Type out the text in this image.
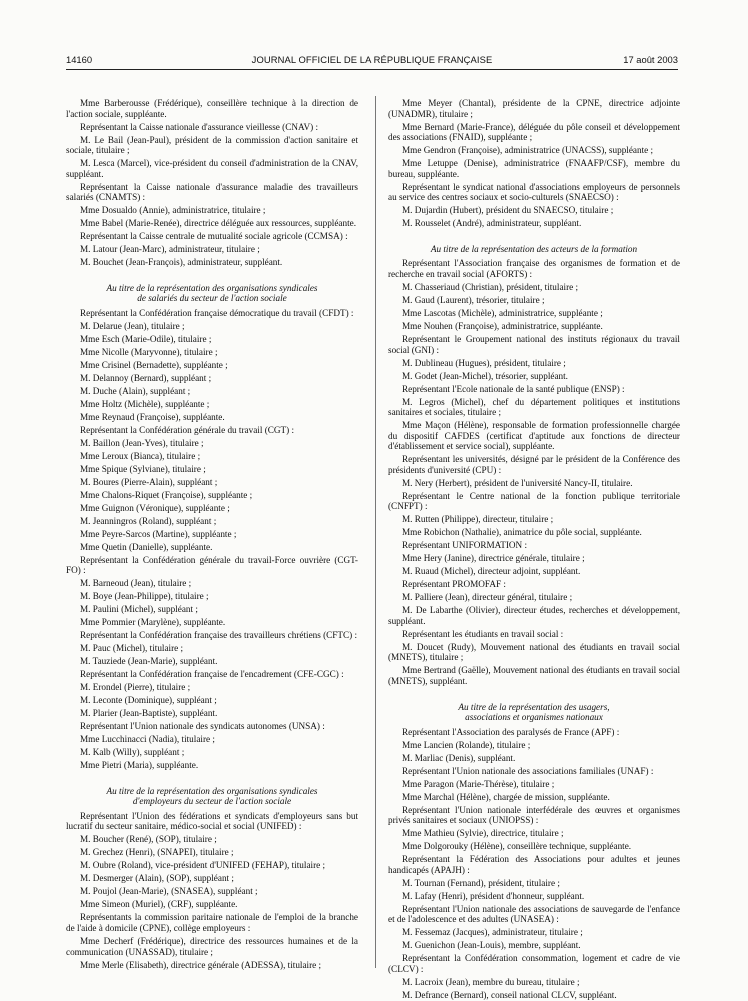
14160	JOURNAL OFFICIEL DE LA RÉPUBLIQUE FRANÇAISE	17 août 2003

Mme Barberousse (Frédérique), conseillère technique à la direction de l'action sociale, suppléante.

Représentant la Caisse nationale d'assurance vieillesse (CNAV) :

M. Le Bail (Jean-Paul), président de la commission d'action sanitaire et sociale, titulaire ;

M. Lesca (Marcel), vice-président du conseil d'administration de la CNAV, suppléant.

Représentant la Caisse nationale d'assurance maladie des travailleurs salariés (CNAMTS) :

Mme Dosualdo (Annie), administratrice, titulaire ;

Mme Babel (Marie-Renée), directrice déléguée aux ressources, suppléante.

Représentant la Caisse centrale de mutualité sociale agricole (CCMSA) :

M. Latour (Jean-Marc), administrateur, titulaire ;

M. Bouchet (Jean-François), administrateur, suppléant.

Au titre de la représentation des organisations syndicales
de salariés du secteur de l'action sociale

Représentant la Confédération française démocratique du travail (CFDT) :

M. Delarue (Jean), titulaire ;

Mme Esch (Marie-Odile), titulaire ;

Mme Nicolle (Maryvonne), titulaire ;

Mme Crisinel (Bernadette), suppléante ;

M. Delannoy (Bernard), suppléant ;

M. Duche (Alain), suppléant ;

Mme Holtz (Michèle), suppléante ;

Mme Reynaud (Françoise), suppléante.

Représentant la Confédération générale du travail (CGT) :

M. Baillon (Jean-Yves), titulaire ;

Mme Leroux (Bianca), titulaire ;

Mme Spique (Sylviane), titulaire ;

M. Boures (Pierre-Alain), suppléant ;

Mme Chalons-Riquet (Françoise), suppléante ;

Mme Guignon (Véronique), suppléante ;

M. Jeanningros (Roland), suppléant ;

Mme Peyre-Sarcos (Martine), suppléante ;

Mme Quetin (Danielle), suppléante.

Représentant la Confédération générale du travail-Force ouvrière (CGT-FO) :

M. Barneoud (Jean), titulaire ;

M. Boye (Jean-Philippe), titulaire ;

M. Paulini (Michel), suppléant ;

Mme Pommier (Marylène), suppléante.

Représentant la Confédération française des travailleurs chrétiens (CFTC) :

M. Pauc (Michel), titulaire ;

M. Tauziede (Jean-Marie), suppléant.

Représentant la Confédération française de l'encadrement (CFE-CGC) :

M. Erondel (Pierre), titulaire ;

M. Leconte (Dominique), suppléant ;

M. Plarier (Jean-Baptiste), suppléant.

Représentant l'Union nationale des syndicats autonomes (UNSA) :

Mme Lucchinacci (Nadia), titulaire ;

M. Kalb (Willy), suppléant ;

Mme Pietri (Maria), suppléante.

Au titre de la représentation des organisations syndicales
d'employeurs du secteur de l'action sociale

Représentant l'Union des fédérations et syndicats d'employeurs sans but lucratif du secteur sanitaire, médico-social et social (UNIFED) :

M. Boucher (René), (SOP), titulaire ;

M. Grechez (Henri), (SNAPEI), titulaire ;

M. Oubre (Roland), vice-président d'UNIFED (FEHAP), titulaire ;

M. Desmerger (Alain), (SOP), suppléant ;

M. Poujol (Jean-Marie), (SNASEA), suppléant ;

Mme Simeon (Muriel), (CRF), suppléante.

Représentants la commission paritaire nationale de l'emploi de la branche de l'aide à domicile (CPNE), collège employeurs :

Mme Decherf (Frédérique), directrice des ressources humaines et de la communication (UNASSAD), titulaire ;

Mme Merle (Elisabeth), directrice générale (ADESSA), titulaire ;

Mme Meyer (Chantal), présidente de la CPNE, directrice adjointe (UNADMR), titulaire ;

Mme Bernard (Marie-France), déléguée du pôle conseil et développement des associations (FNAID), suppléante ;

Mme Gendron (Françoise), administratrice (UNACSS), suppléante ;

Mme Letuppe (Denise), administratrice (FNAAFP/CSF), membre du bureau, suppléante.

Représentant le syndicat national d'associations employeurs de personnels au service des centres sociaux et socio-culturels (SNAECSO) :

M. Dujardin (Hubert), président du SNAECSO, titulaire ;

M. Rousselet (André), administrateur, suppléant.

Au titre de la représentation des acteurs de la formation

Représentant l'Association française des organismes de formation et de recherche en travail social (AFORTS) :

M. Chasseriaud (Christian), président, titulaire ;

M. Gaud (Laurent), trésorier, titulaire ;

Mme Lascotas (Michèle), administratrice, suppléante ;

Mme Nouhen (Françoise), administratrice, suppléante.

Représentant le Groupement national des instituts régionaux du travail social (GNI) :

M. Dublineau (Hugues), président, titulaire ;

M. Godet (Jean-Michel), trésorier, suppléant.

Représentant l'Ecole nationale de la santé publique (ENSP) :

M. Legros (Michel), chef du département politiques et institutions sanitaires et sociales, titulaire ;

Mme Maçon (Hélène), responsable de formation professionnelle chargée du dispositif CAFDES (certificat d'aptitude aux fonctions de directeur d'établissement et service social), suppléante.

Représentant les universités, désigné par le président de la Conférence des présidents d'université (CPU) :

M. Nery (Herbert), président de l'université Nancy-II, titulaire.

Représentant le Centre national de la fonction publique territoriale (CNFPT) :

M. Rutten (Philippe), directeur, titulaire ;

Mme Robichon (Nathalie), animatrice du pôle social, suppléante.

Représentant UNIFORMATION :

Mme Hery (Janine), directrice générale, titulaire ;

M. Ruaud (Michel), directeur adjoint, suppléant.

Représentant PROMOFAF :

M. Palliere (Jean), directeur général, titulaire ;

M. De Labarthe (Olivier), directeur études, recherches et développement, suppléant.

Représentant les étudiants en travail social :

M. Doucet (Rudy), Mouvement national des étudiants en travail social (MNETS), titulaire ;

Mme Bertrand (Gaëlle), Mouvement national des étudiants en travail social (MNETS), suppléant.

Au titre de la représentation des usagers,
associations et organismes nationaux

Représentant l'Association des paralysés de France (APF) :

Mme Lancien (Rolande), titulaire ;

M. Marliac (Denis), suppléant.

Représentant l'Union nationale des associations familiales (UNAF) :

Mme Paragon (Marie-Thérèse), titulaire ;

Mme Marchal (Hélène), chargée de mission, suppléante.

Représentant l'Union nationale interfédérale des œuvres et organismes privés sanitaires et sociaux (UNIOPSS) :

Mme Mathieu (Sylvie), directrice, titulaire ;

Mme Dolgorouky (Hélène), conseillère technique, suppléante.

Représentant la Fédération des Associations pour adultes et jeunes handicapés (APAJH) :

M. Tournan (Fernand), président, titulaire ;

M. Lafay (Henri), président d'honneur, suppléant.

Représentant l'Union nationale des associations de sauvegarde de l'enfance et de l'adolescence et des adultes (UNASEA) :

M. Fessemaz (Jacques), administrateur, titulaire ;

M. Guenichon (Jean-Louis), membre, suppléant.

Représentant la Confédération consommation, logement et cadre de vie (CLCV) :

M. Lacroix (Jean), membre du bureau, titulaire ;

M. Defrance (Bernard), conseil national CLCV, suppléant.
